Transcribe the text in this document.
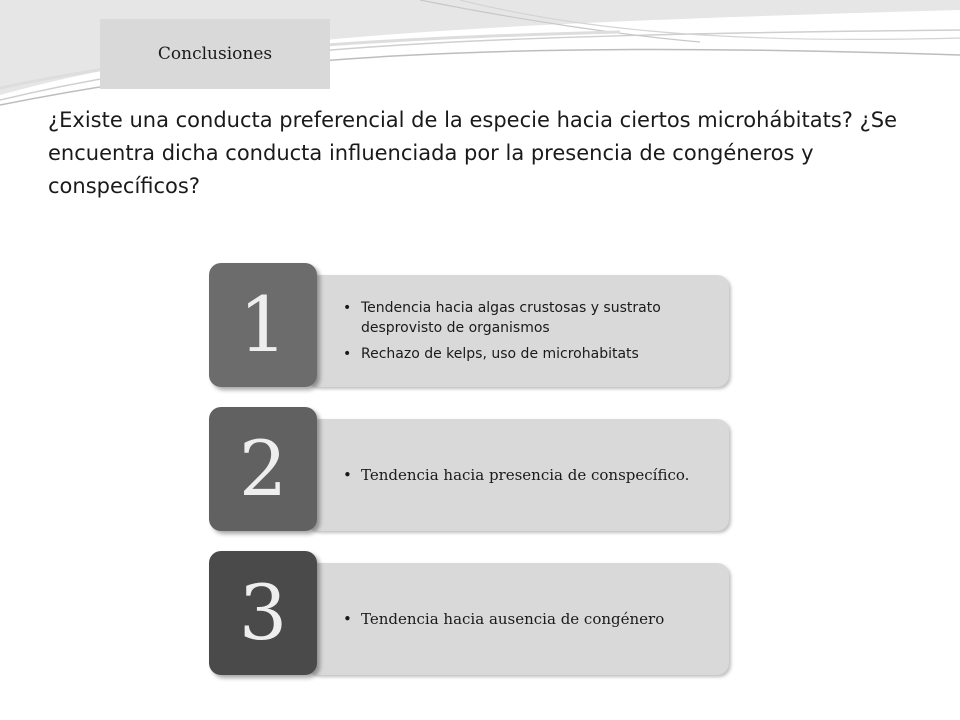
Conclusiones

¿Existe una conducta preferencial de la especie hacia ciertos microhábitats? ¿Se encuentra dicha conducta influenciada por la presencia de congéneros y conspecíficos?

1	• Tendencia hacia algas crustosas y sustrato desprovisto de organismos
• Rechazo de kelps, uso de microhabitats
2	• Tendencia hacia presencia de conspecífico.
3	• Tendencia hacia ausencia de congénero
